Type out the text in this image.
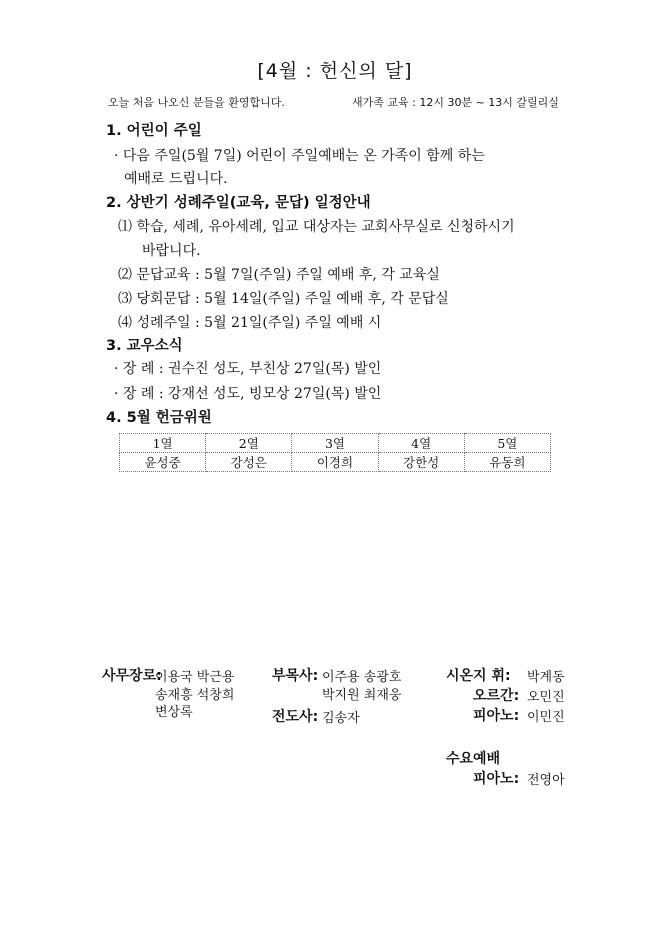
[4월 : 헌신의 달]
오늘 처음 나오신 분들을 환영합니다.	새가족 교육 : 12시 30분 ~ 13시 갈릴리실
1. 어린이 주일
· 다음 주일(5월 7일) 어린이 주일예배는 온 가족이 함께 하는
예배로 드립니다.
2. 상반기 성례주일(교육, 문답) 일정안내
⑴ 학습, 세례, 유아세례, 입교 대상자는 교회사무실로 신청하시기
바랍니다.
⑵ 문답교육 : 5월 7일(주일) 주일 예배 후, 각 교육실
⑶ 당회문답 : 5월 14일(주일) 주일 예배 후, 각 문답실
⑷ 성례주일 : 5월 21일(주일) 주일 예배 시
3. 교우소식
· 장 례 : 권수진 성도, 부친상 27일(목) 발인
· 장 례 : 강재선 성도, 빙모상 27일(목) 발인
4. 5월 헌금위원
1열	2열	3열	4열	5열
윤성중	강성은	이경희	강한성	유동희
사무장로:
이용국 박근용
송재흥 석창희
변상록
부목사: 이주용 송광호
박지원 최재웅
전도사: 김송자
시온지 휘: 박계동
오르간: 오민진
피아노: 이민진
수요예배
피아노: 전영아
